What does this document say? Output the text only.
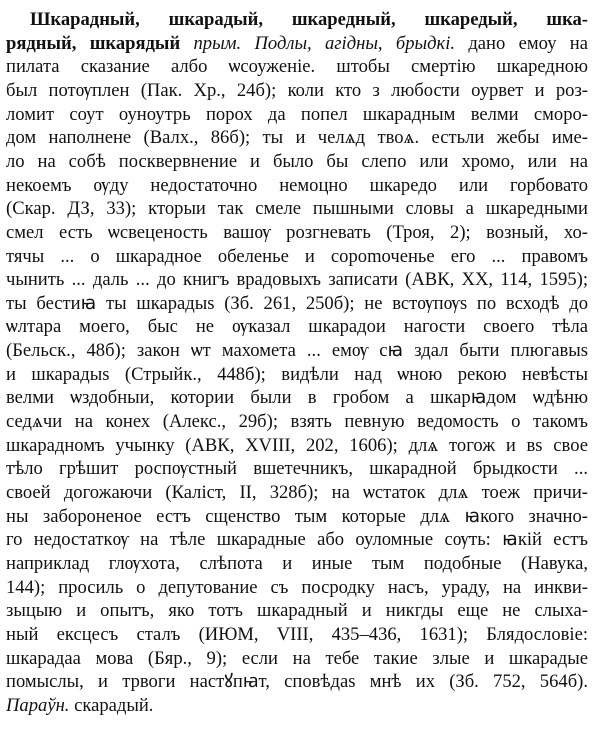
Шкарадный, шкарадый, шкаредный, шкаредый, шка-
рядный, шкарядый прым. Подлы, агідны, брыдкі. дано емоу на
пилата сказание албо ѡсоуженіе. штобы смертію шкаредною
был потѹплен (Пак. Хр., 24б); коли кто з любости оурвет и роз-
ломит соут оуноутрь порох да попел шкарадным велми смоpо-
дом наполнене (Валх., 86б); ты и челѧд твоѧ. естьли жебы име-
ло на собѣ посквервнение и было бы слепо или хромо, или на
некоемъ ѹду недостаточно немоцно шкаредо или горбовато
(Скар. ДЗ, 33); кторыи так смеле пышными словы а шкаредными
смел есть ѡсвеценость вашѹ розгневать (Троя, 2); возный, хо-
тячы ... о шкарадное обеленье и сороmоченье его ... правомъ
чынить ... даль ... до книгъ врадовыхъ записати (АВК, XX, 114, 1595);
ты бестиꙗ ты шкарадыs (Зб. 261, 250б); не встѹпѹs по всходѣ до
ѡлтара моего, быс не ѹказал шкарадои нагости своего тѣла
(Бельск., 48б); закон ѡт махомета ... емѹ сꙗ здал быти плюгавыs
и шкарадыs (Стрыйк., 448б); видѣли над ѡною рекою невѣсты
велми ѡздобныи, котории были в гробом а шкарꙗдом ѡдѣню
седѧчи на конех (Алекс., 29б); взять певную ведомость о такомъ
шкарадномъ учынку (АВК, XVIII, 202, 1606); длѧ тогож и вs свое
тѣло грѣшит роспѹстный вшетечникъ, шкарадной брыдкости ...
своей догожаючи (Каліст, II, 328б); на ѡстаток длѧ тоеж причи-
ны забороненое естъ сщенство тым которые длѧ ꙗкого значно-
го недостаткѹ на тѣле шкарадные або оуломные сѹть: ꙗкій естъ
наприклад глѹхота, слѣпота и иные тым подобные (Навука,
144); просиль о депутование съ посродку насъ, ураду, на инкви-
зыцыю и опытъ, яко тотъ шкарадный и никгды еще не слыха-
ный ексцесъ сталъ (ИЮМ, VIII, 435–436, 1631); Блядословіе:
шкарадаа мова (Бяр., 9); если на тебе такие злые и шкарадые
помыслы, и трвоги настꙋпꙗт, сповѣдаs мнѣ их (Зб. 752, 564б).
Параўн. скарадый.
